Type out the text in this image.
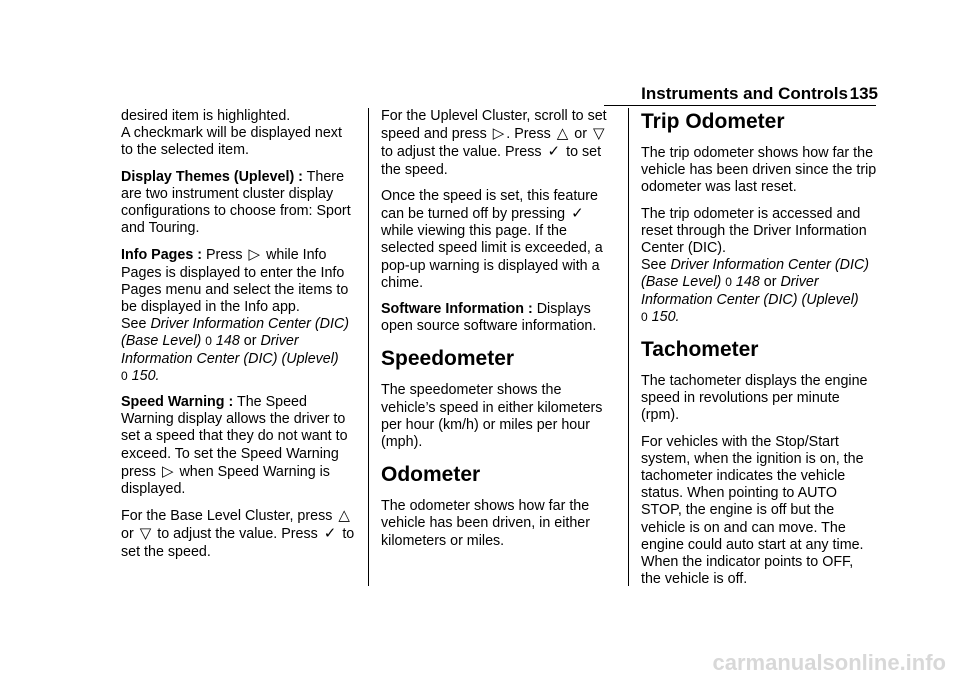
Instruments and Controls 135

desired item is highlighted.
A checkmark will be displayed next to the selected item.

Display Themes (Uplevel) : There are two instrument cluster display configurations to choose from: Sport and Touring.

Info Pages : Press ▷ while Info Pages is displayed to enter the Info Pages menu and select the items to be displayed in the Info app.
See Driver Information Center (DIC) (Base Level) 0 148 or Driver Information Center (DIC) (Uplevel)
0 150.

Speed Warning : The Speed Warning display allows the driver to set a speed that they do not want to exceed. To set the Speed Warning press ▷ when Speed Warning is displayed.

For the Base Level Cluster, press △ or ▽ to adjust the value. Press ✓ to set the speed.

For the Uplevel Cluster, scroll to set speed and press ▷ . Press △ or ▽ to adjust the value. Press ✓ to set the speed.

Once the speed is set, this feature can be turned off by pressing ✓ while viewing this page. If the selected speed limit is exceeded, a pop-up warning is displayed with a chime.

Software Information : Displays open source software information.

Speedometer

The speedometer shows the vehicle’s speed in either kilometers per hour (km/h) or miles per hour (mph).

Odometer

The odometer shows how far the vehicle has been driven, in either kilometers or miles.

Trip Odometer

The trip odometer shows how far the vehicle has been driven since the trip odometer was last reset.

The trip odometer is accessed and reset through the Driver Information Center (DIC).
See Driver Information Center (DIC) (Base Level) 0 148 or Driver Information Center (DIC) (Uplevel)
0 150.

Tachometer

The tachometer displays the engine speed in revolutions per minute (rpm).

For vehicles with the Stop/Start system, when the ignition is on, the tachometer indicates the vehicle status. When pointing to AUTO STOP, the engine is off but the vehicle is on and can move. The engine could auto start at any time. When the indicator points to OFF, the vehicle is off.

carmanualsonline.info
